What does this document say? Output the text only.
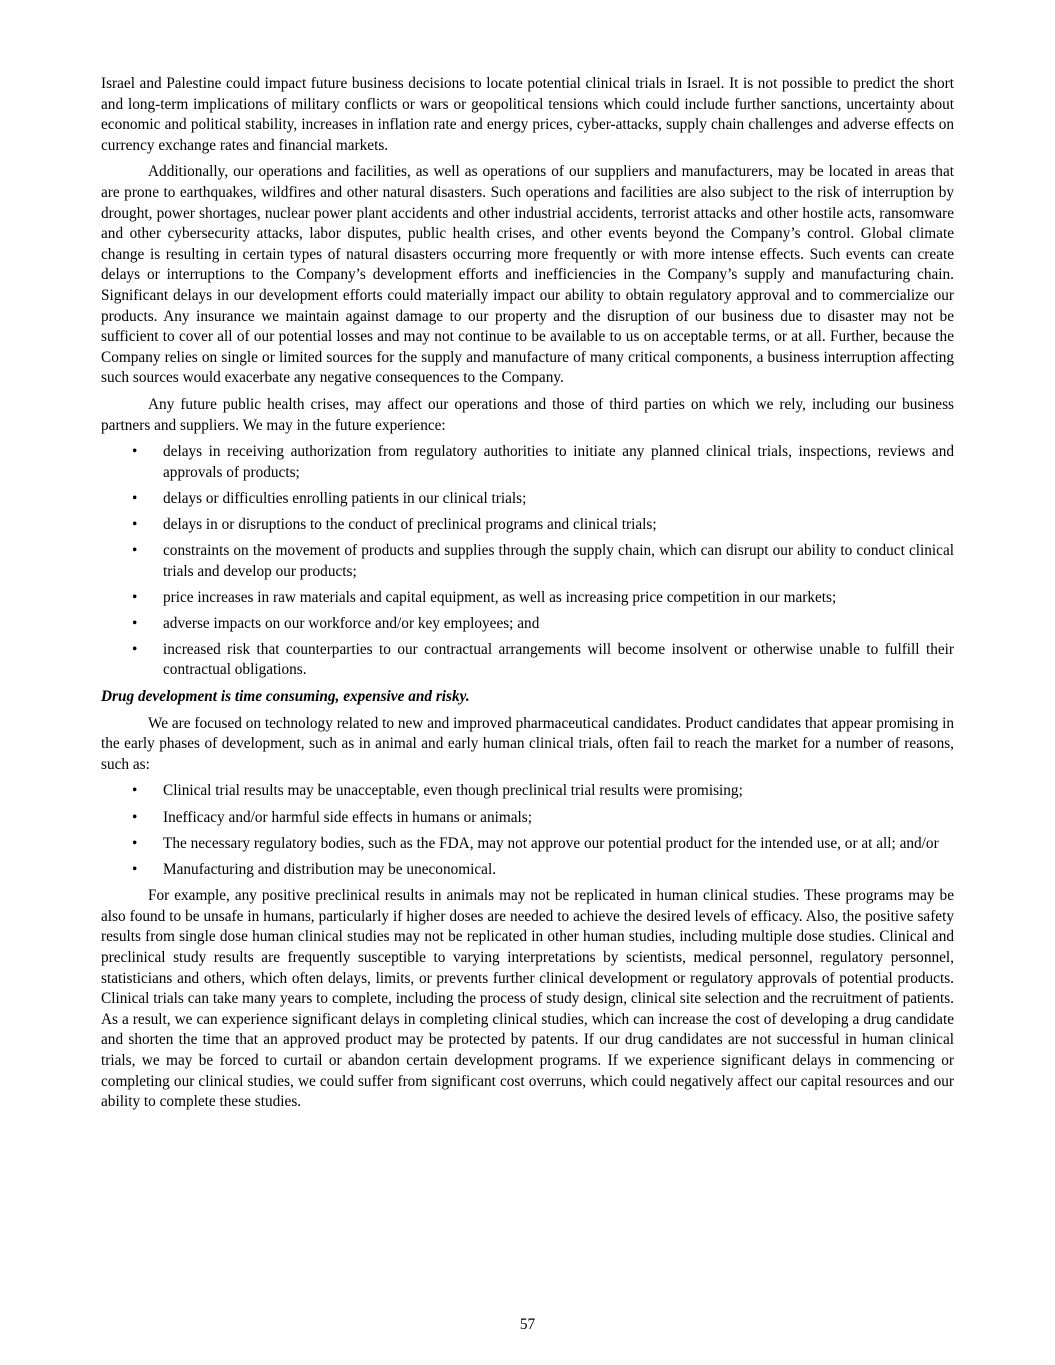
Israel and Palestine could impact future business decisions to locate potential clinical trials in Israel. It is not possible to predict the short and long-term implications of military conflicts or wars or geopolitical tensions which could include further sanctions, uncertainty about economic and political stability, increases in inflation rate and energy prices, cyber-attacks, supply chain challenges and adverse effects on currency exchange rates and financial markets.

Additionally, our operations and facilities, as well as operations of our suppliers and manufacturers, may be located in areas that are prone to earthquakes, wildfires and other natural disasters. Such operations and facilities are also subject to the risk of interruption by drought, power shortages, nuclear power plant accidents and other industrial accidents, terrorist attacks and other hostile acts, ransomware and other cybersecurity attacks, labor disputes, public health crises, and other events beyond the Company’s control. Global climate change is resulting in certain types of natural disasters occurring more frequently or with more intense effects. Such events can create delays or interruptions to the Company’s development efforts and inefficiencies in the Company’s supply and manufacturing chain. Significant delays in our development efforts could materially impact our ability to obtain regulatory approval and to commercialize our products. Any insurance we maintain against damage to our property and the disruption of our business due to disaster may not be sufficient to cover all of our potential losses and may not continue to be available to us on acceptable terms, or at all. Further, because the Company relies on single or limited sources for the supply and manufacture of many critical components, a business interruption affecting such sources would exacerbate any negative consequences to the Company.

Any future public health crises, may affect our operations and those of third parties on which we rely, including our business partners and suppliers. We may in the future experience:

• delays in receiving authorization from regulatory authorities to initiate any planned clinical trials, inspections, reviews and approvals of products;
• delays or difficulties enrolling patients in our clinical trials;
• delays in or disruptions to the conduct of preclinical programs and clinical trials;
• constraints on the movement of products and supplies through the supply chain, which can disrupt our ability to conduct clinical trials and develop our products;
• price increases in raw materials and capital equipment, as well as increasing price competition in our markets;
• adverse impacts on our workforce and/or key employees; and
• increased risk that counterparties to our contractual arrangements will become insolvent or otherwise unable to fulfill their contractual obligations.

Drug development is time consuming, expensive and risky.

We are focused on technology related to new and improved pharmaceutical candidates. Product candidates that appear promising in the early phases of development, such as in animal and early human clinical trials, often fail to reach the market for a number of reasons, such as:

• Clinical trial results may be unacceptable, even though preclinical trial results were promising;
• Inefficacy and/or harmful side effects in humans or animals;
• The necessary regulatory bodies, such as the FDA, may not approve our potential product for the intended use, or at all; and/or
• Manufacturing and distribution may be uneconomical.

For example, any positive preclinical results in animals may not be replicated in human clinical studies. These programs may be also found to be unsafe in humans, particularly if higher doses are needed to achieve the desired levels of efficacy. Also, the positive safety results from single dose human clinical studies may not be replicated in other human studies, including multiple dose studies. Clinical and preclinical study results are frequently susceptible to varying interpretations by scientists, medical personnel, regulatory personnel, statisticians and others, which often delays, limits, or prevents further clinical development or regulatory approvals of potential products. Clinical trials can take many years to complete, including the process of study design, clinical site selection and the recruitment of patients. As a result, we can experience significant delays in completing clinical studies, which can increase the cost of developing a drug candidate and shorten the time that an approved product may be protected by patents. If our drug candidates are not successful in human clinical trials, we may be forced to curtail or abandon certain development programs. If we experience significant delays in commencing or completing our clinical studies, we could suffer from significant cost overruns, which could negatively affect our capital resources and our ability to complete these studies.

57
